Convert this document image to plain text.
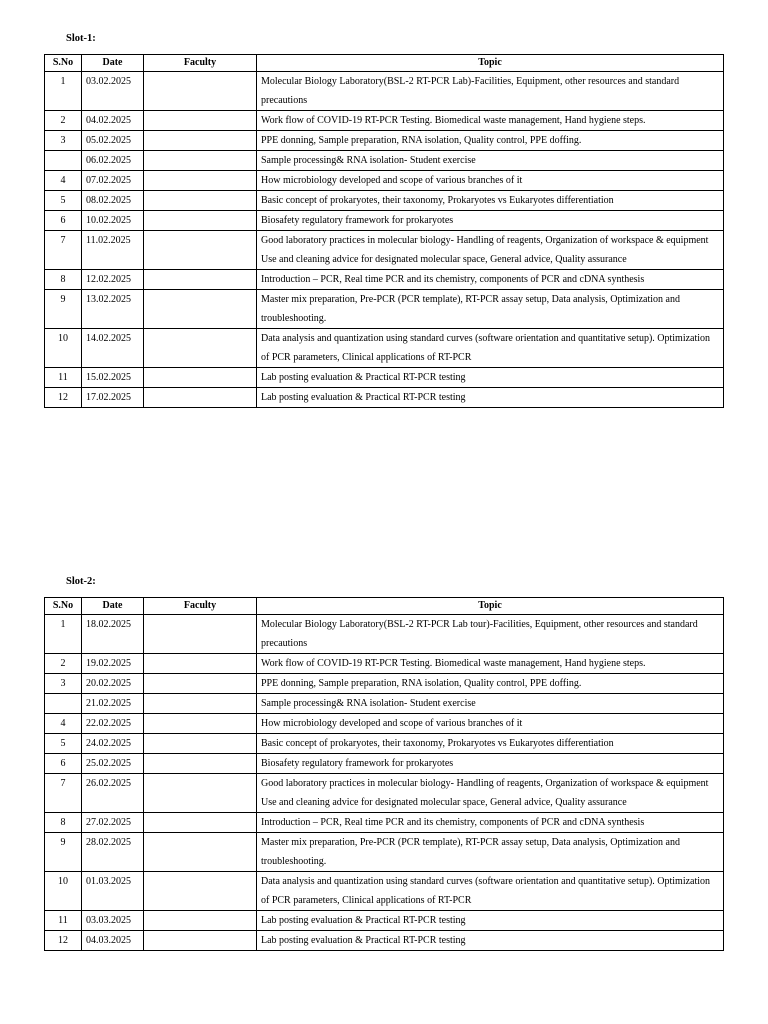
Slot-1:
S.No	Date	Faculty	Topic
1	03.02.2025		Molecular Biology Laboratory(BSL-2 RT-PCR Lab)-Facilities, Equipment, other resources and standard precautions
2	04.02.2025		Work flow of COVID-19 RT-PCR Testing. Biomedical waste management, Hand hygiene steps.
3	05.02.2025		PPE donning, Sample preparation, RNA isolation, Quality control, PPE doffing.
	06.02.2025		Sample processing& RNA isolation- Student exercise
4	07.02.2025		How microbiology developed and scope of various branches of it
5	08.02.2025		Basic concept of prokaryotes, their taxonomy, Prokaryotes vs Eukaryotes differentiation
6	10.02.2025		Biosafety regulatory framework for prokaryotes
7	11.02.2025		Good laboratory practices in molecular biology- Handling of reagents, Organization of workspace & equipment Use and cleaning advice for designated molecular space, General advice, Quality assurance
8	12.02.2025		Introduction – PCR, Real time PCR and its chemistry, components of PCR and cDNA synthesis
9	13.02.2025		Master mix preparation, Pre-PCR (PCR template), RT-PCR assay setup, Data analysis, Optimization and troubleshooting.
10	14.02.2025		Data analysis and quantization using standard curves (software orientation and quantitative setup). Optimization of PCR parameters, Clinical applications of RT-PCR
11	15.02.2025		Lab posting evaluation & Practical RT-PCR testing
12	17.02.2025		Lab posting evaluation & Practical RT-PCR testing
Slot-2:
S.No	Date	Faculty	Topic
1	18.02.2025		Molecular Biology Laboratory(BSL-2 RT-PCR Lab tour)-Facilities, Equipment, other resources and standard precautions
2	19.02.2025		Work flow of COVID-19 RT-PCR Testing. Biomedical waste management, Hand hygiene steps.
3	20.02.2025		PPE donning, Sample preparation, RNA isolation, Quality control, PPE doffing.
	21.02.2025		Sample processing& RNA isolation- Student exercise
4	22.02.2025		How microbiology developed and scope of various branches of it
5	24.02.2025		Basic concept of prokaryotes, their taxonomy, Prokaryotes vs Eukaryotes differentiation
6	25.02.2025		Biosafety regulatory framework for prokaryotes
7	26.02.2025		Good laboratory practices in molecular biology- Handling of reagents, Organization of workspace & equipment Use and cleaning advice for designated molecular space, General advice, Quality assurance
8	27.02.2025		Introduction – PCR, Real time PCR and its chemistry, components of PCR and cDNA synthesis
9	28.02.2025		Master mix preparation, Pre-PCR (PCR template), RT-PCR assay setup, Data analysis, Optimization and troubleshooting.
10	01.03.2025		Data analysis and quantization using standard curves (software orientation and quantitative setup). Optimization of PCR parameters, Clinical applications of RT-PCR
11	03.03.2025		Lab posting evaluation & Practical RT-PCR testing
12	04.03.2025		Lab posting evaluation & Practical RT-PCR testing
